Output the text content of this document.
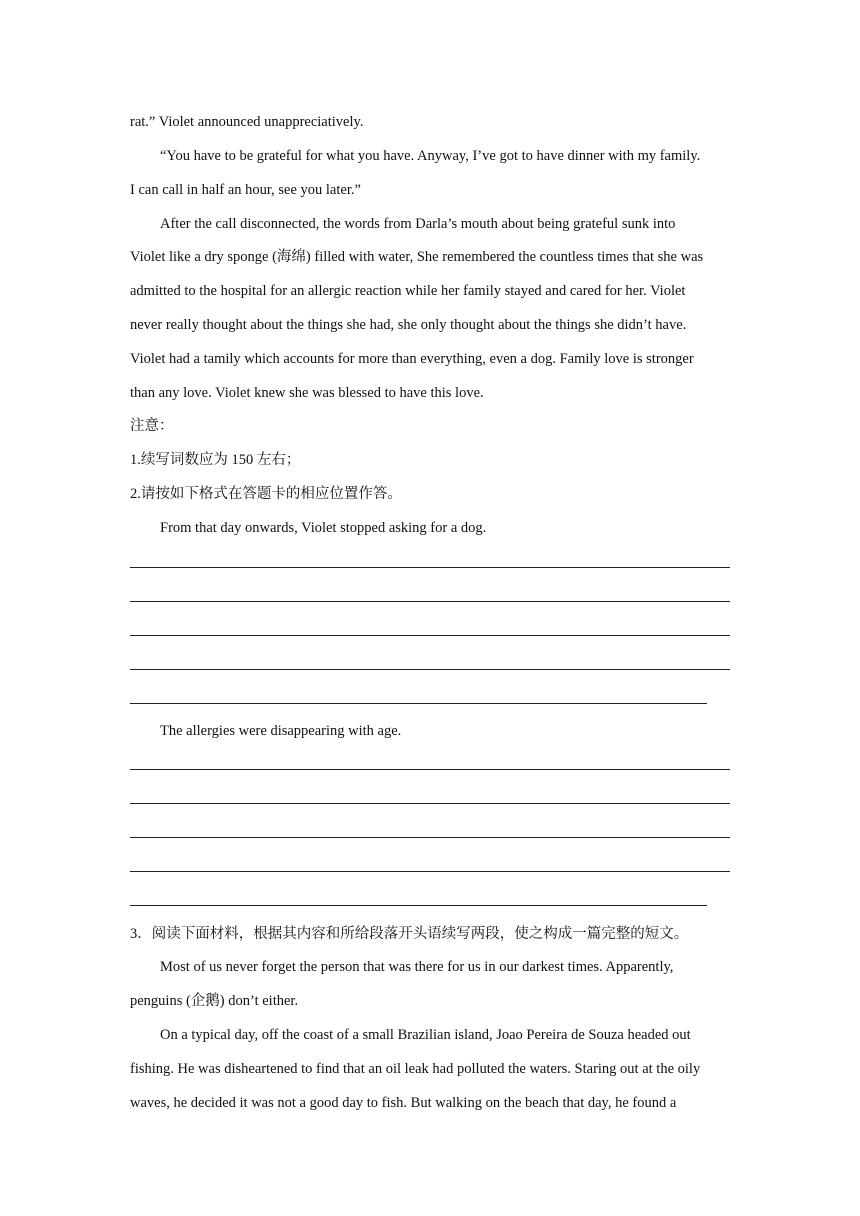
rat.” Violet announced unappreciatively.
“You have to be grateful for what you have. Anyway, I’ve got to have dinner with my family.
I can call in half an hour, see you later.”
After the call disconnected, the words from Darla’s mouth about being grateful sunk into
Violet like a dry sponge (海绵) filled with water, She remembered the countless times that she was
admitted to the hospital for an allergic reaction while her family stayed and cared for her. Violet
never really thought about the things she had, she only thought about the things she didn’t have.
Violet had a tamily which accounts for more than everything, even a dog. Family love is stronger
than any love. Violet knew she was blessed to have this love.
注意：
1.续写词数应为 150 左右；
2.请按如下格式在答题卡的相应位置作答。
From that day onwards, Violet stopped asking for a dog.
The allergies were disappearing with age.
3．阅读下面材料，根据其内容和所给段落开头语续写两段，使之构成一篇完整的短文。
Most of us never forget the person that was there for us in our darkest times. Apparently,
penguins (企鹅) don’t either.
On a typical day, off the coast of a small Brazilian island, Joao Pereira de Souza headed out
fishing. He was disheartened to find that an oil leak had polluted the waters. Staring out at the oily
waves, he decided it was not a good day to fish. But walking on the beach that day, he found a
